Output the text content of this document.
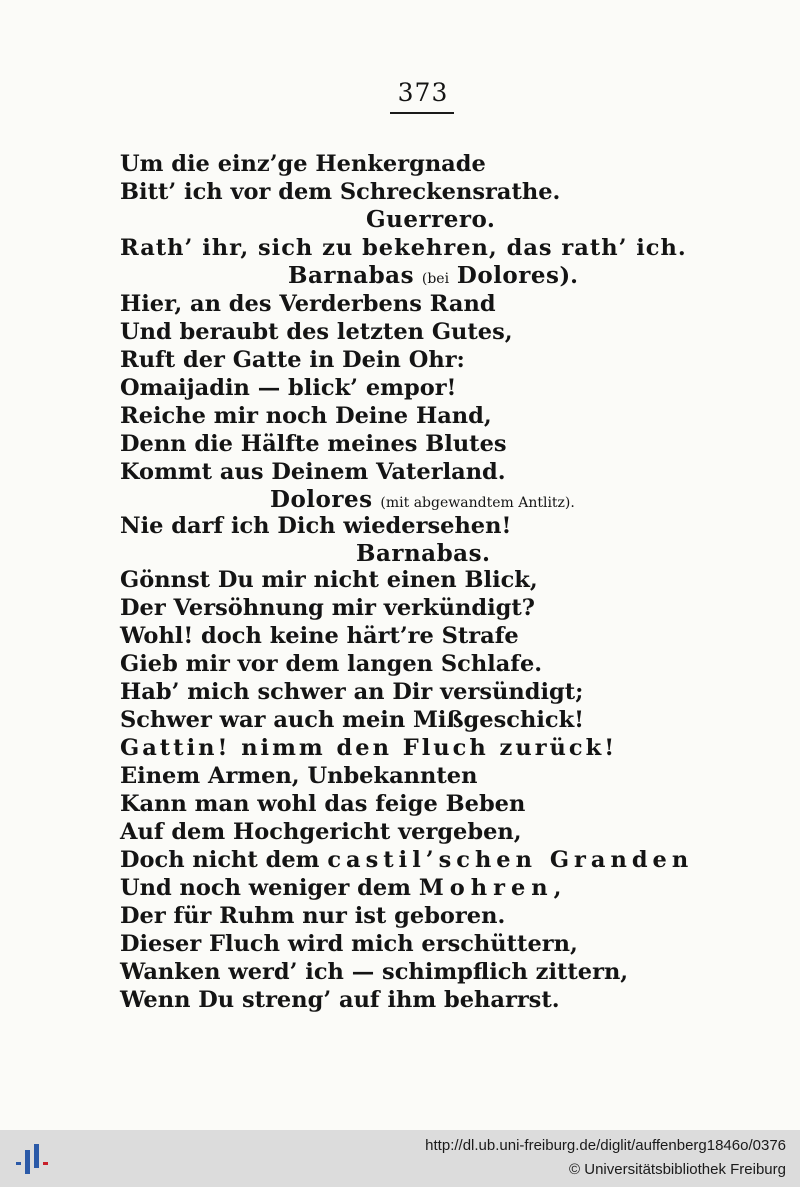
373
Um die einz’ge Henkergnade
Bitt’ ich vor dem Schreckensrathe.
Guerrero.
Rath’ ihr, sich zu bekehren, das rath’ ich.
Barnabas (bei Dolores).
Hier, an des Verderbens Rand
Und beraubt des letzten Gutes,
Ruft der Gatte in Dein Ohr:
Omaijadin — blick’ empor!
Reiche mir noch Deine Hand,
Denn die Hälfte meines Blutes
Kommt aus Deinem Vaterland.
Dolores (mit abgewandtem Antlitz).
Nie darf ich Dich wiedersehen!
Barnabas.
Gönnst Du mir nicht einen Blick,
Der Versöhnung mir verkündigt?
Wohl! doch keine härt’re Strafe
Gieb mir vor dem langen Schlafe.
Hab’ mich schwer an Dir versündigt;
Schwer war auch mein Mißgeschick!
Gattin! nimm den Fluch zurück!
Einem Armen, Unbekannten
Kann man wohl das feige Beben
Auf dem Hochgericht vergeben,
Doch nicht dem castil’schen Granden
Und noch weniger dem Mohren,
Der für Ruhm nur ist geboren.
Dieser Fluch wird mich erschüttern,
Wanken werd’ ich — schimpflich zittern,
Wenn Du streng’ auf ihm beharrst.
http://dl.ub.uni-freiburg.de/diglit/auffenberg1846o/0376
© Universitätsbibliothek Freiburg
